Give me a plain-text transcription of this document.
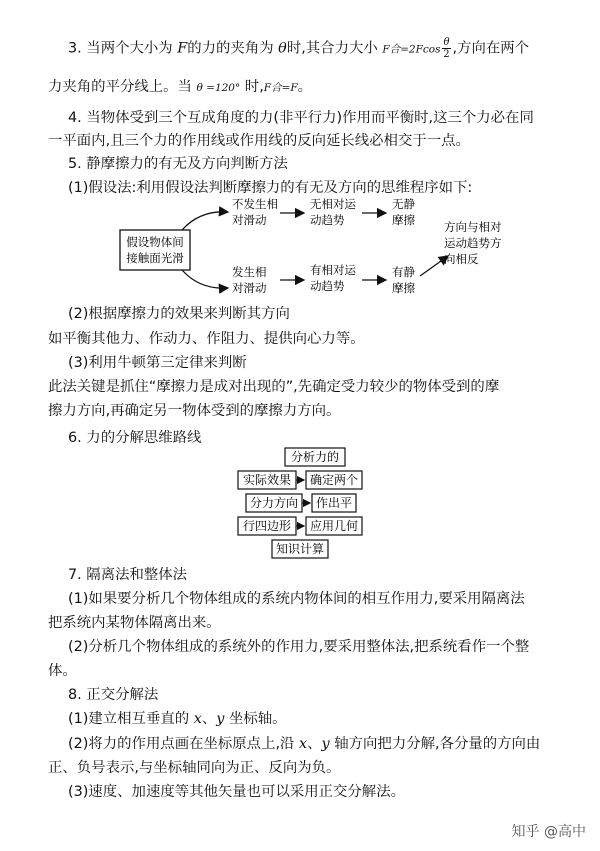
3. 当两个大小为 F的力的夹角为 θ时,其合力大小 F合$=2Fcos \frac{\theta}{2}$ ,方向在两个
力夹角的平分线上。当 θ =120° 时,F合=F。
4. 当物体受到三个互成角度的力(非平行力)作用而平衡时,这三个力必在同
一平面内,且三个力的作用线或作用线的反向延长线必相交于一点。
5. 静摩擦力的有无及方向判断方法
(1)假设法:利用假设法判断摩擦力的有无及方向的思维程序如下:
假设物体间
接触面光滑
不发生相
对滑动
无相对运
动趋势
无静
摩擦
发生相
对滑动
有相对运
动趋势
有静
摩擦
方向与相对
运动趋势方
向相反
(2)根据摩擦力的效果来判断其方向
如平衡其他力、作动力、作阻力、提供向心力等。
(3)利用牛顿第三定律来判断
此法关键是抓住“摩擦力是成对出现的”,先确定受力较少的物体受到的摩
擦力方向,再确定另一物体受到的摩擦力方向。
6. 力的分解思维路线
分析力的
实际效果 确定两个
分力方向 作出平
行四边形 应用几何
知识计算
7. 隔离法和整体法
(1)如果要分析几个物体组成的系统内物体间的相互作用力,要采用隔离法
把系统内某物体隔离出来。
(2)分析几个物体组成的系统外的作用力,要采用整体法,把系统看作一个整
体。
8. 正交分解法
(1)建立相互垂直的 x、y 坐标轴。
(2)将力的作用点画在坐标原点上,沿 x、y 轴方向把力分解,各分量的方向由
正、负号表示,与坐标轴同向为正、反向为负。
(3)速度、加速度等其他矢量也可以采用正交分解法。
知乎 @高中
